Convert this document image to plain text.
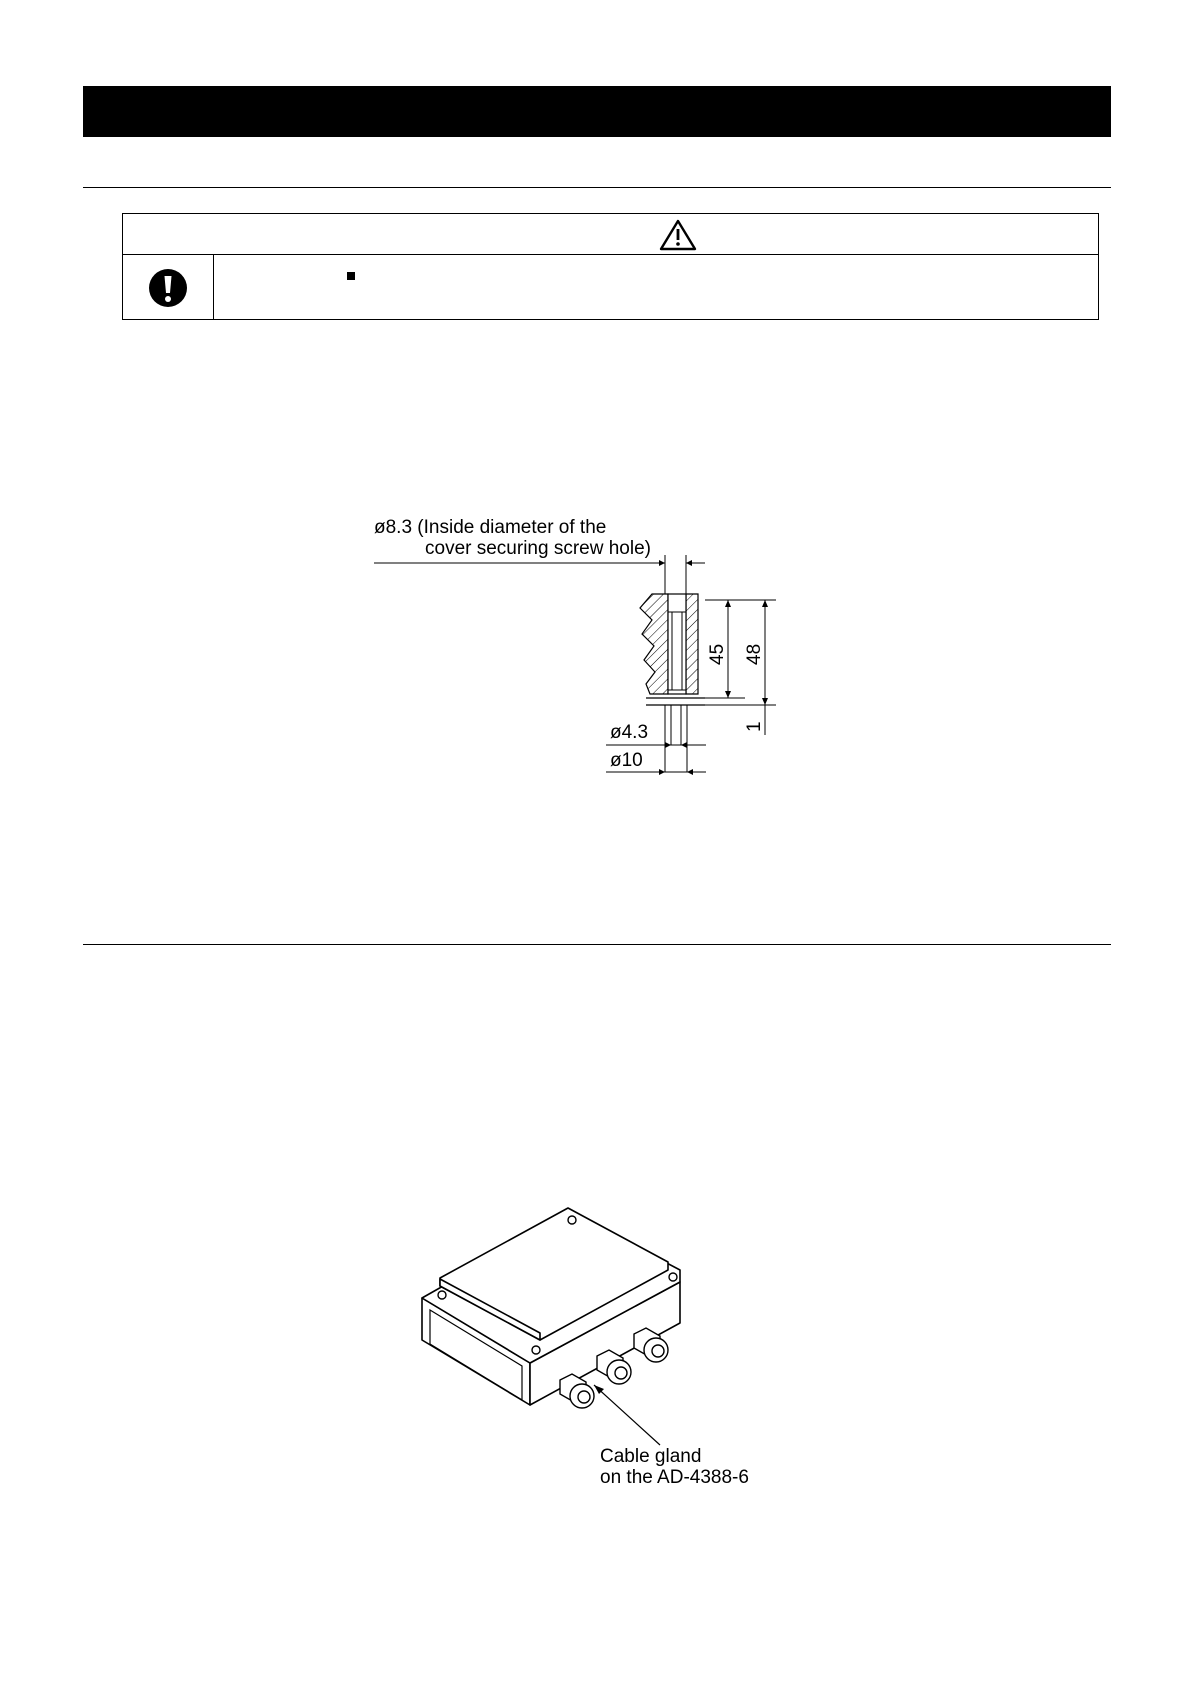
ø8.3 (Inside diameter of the
cover securing screw hole)
45 48
1
ø4.3
ø10
Cable gland
on the AD-4388-6
